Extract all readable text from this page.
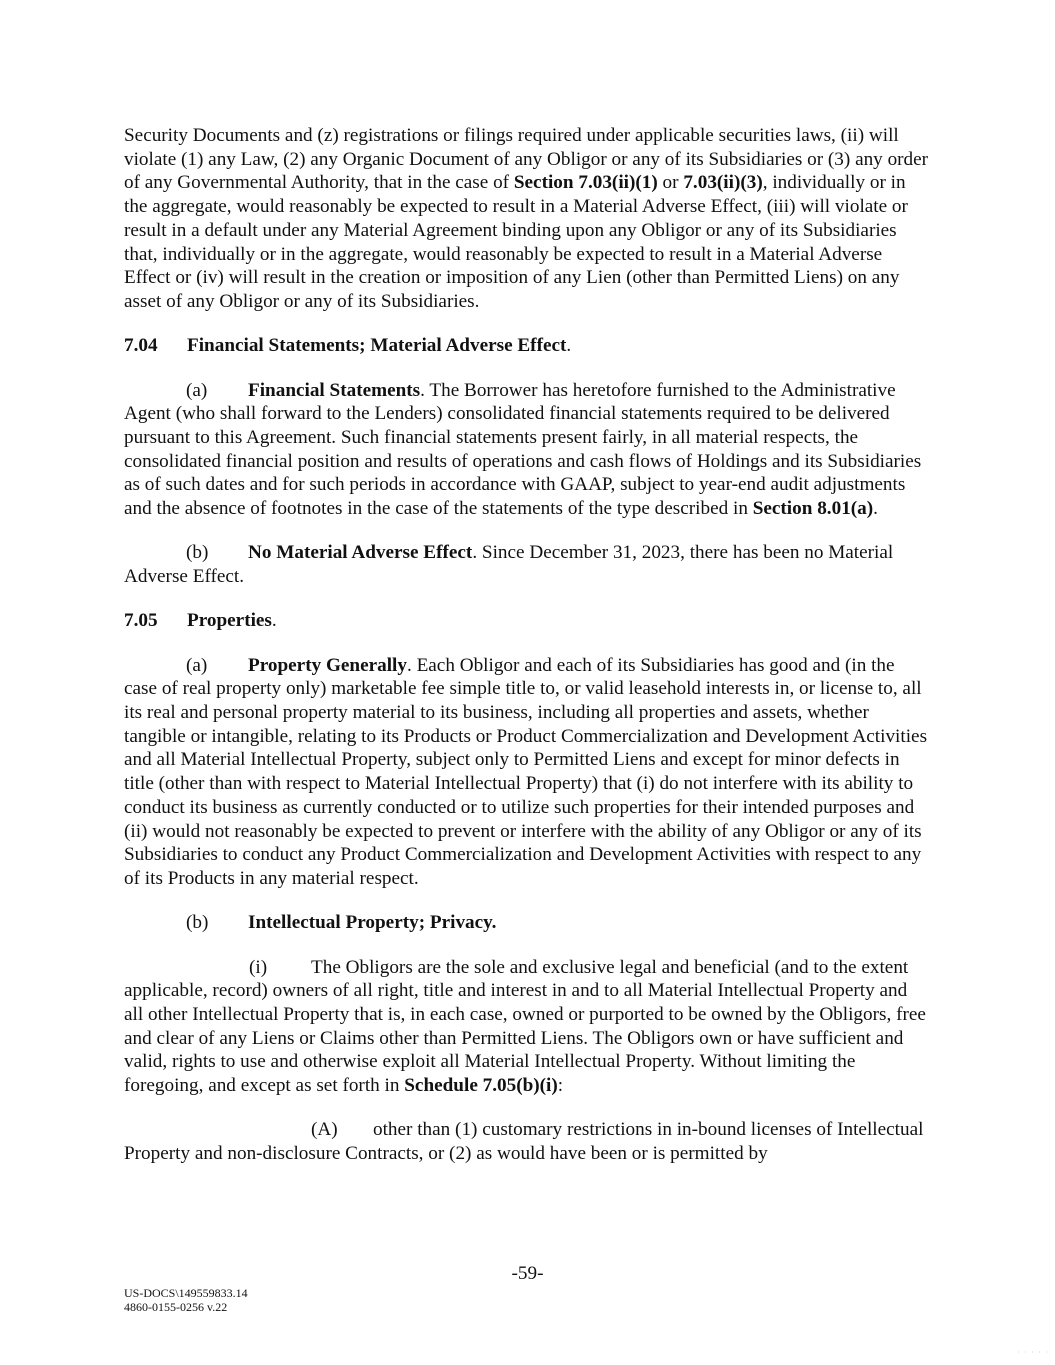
Security Documents and (z) registrations or filings required under applicable securities laws, (ii) will violate (1) any Law, (2) any Organic Document of any Obligor or any of its Subsidiaries or (3) any order of any Governmental Authority, that in the case of Section 7.03(ii)(1) or 7.03(ii)(3), individually or in the aggregate, would reasonably be expected to result in a Material Adverse Effect, (iii) will violate or result in a default under any Material Agreement binding upon any Obligor or any of its Subsidiaries that, individually or in the aggregate, would reasonably be expected to result in a Material Adverse Effect or (iv) will result in the creation or imposition of any Lien (other than Permitted Liens) on any asset of any Obligor or any of its Subsidiaries.

7.04 Financial Statements; Material Adverse Effect.

(a) Financial Statements. The Borrower has heretofore furnished to the Administrative Agent (who shall forward to the Lenders) consolidated financial statements required to be delivered pursuant to this Agreement. Such financial statements present fairly, in all material respects, the consolidated financial position and results of operations and cash flows of Holdings and its Subsidiaries as of such dates and for such periods in accordance with GAAP, subject to year-end audit adjustments and the absence of footnotes in the case of the statements of the type described in Section 8.01(a).

(b) No Material Adverse Effect. Since December 31, 2023, there has been no Material Adverse Effect.

7.05 Properties.

(a) Property Generally. Each Obligor and each of its Subsidiaries has good and (in the case of real property only) marketable fee simple title to, or valid leasehold interests in, or license to, all its real and personal property material to its business, including all properties and assets, whether tangible or intangible, relating to its Products or Product Commercialization and Development Activities and all Material Intellectual Property, subject only to Permitted Liens and except for minor defects in title (other than with respect to Material Intellectual Property) that (i) do not interfere with its ability to conduct its business as currently conducted or to utilize such properties for their intended purposes and (ii) would not reasonably be expected to prevent or interfere with the ability of any Obligor or any of its Subsidiaries to conduct any Product Commercialization and Development Activities with respect to any of its Products in any material respect.

(b) Intellectual Property; Privacy.

(i) The Obligors are the sole and exclusive legal and beneficial (and to the extent applicable, record) owners of all right, title and interest in and to all Material Intellectual Property and all other Intellectual Property that is, in each case, owned or purported to be owned by the Obligors, free and clear of any Liens or Claims other than Permitted Liens. The Obligors own or have sufficient and valid, rights to use and otherwise exploit all Material Intellectual Property. Without limiting the foregoing, and except as set forth in Schedule 7.05(b)(i):

(A) other than (1) customary restrictions in in-bound licenses of Intellectual Property and non-disclosure Contracts, or (2) as would have been or is permitted by

-59-
US-DOCS\149559833.14
4860-0155-0256 v.22
· · · · ·
